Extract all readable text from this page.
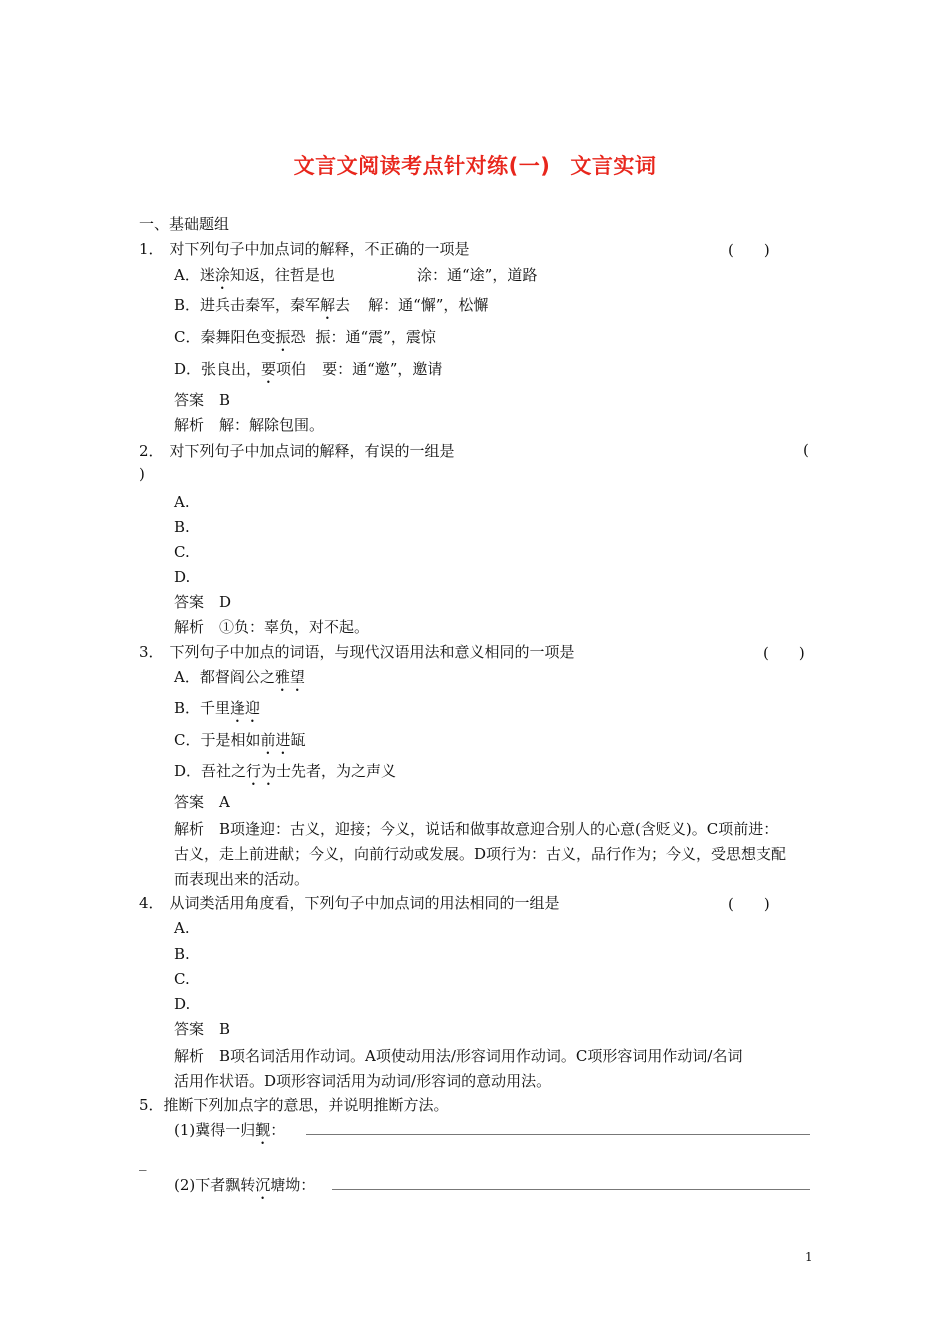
文言文阅读考点针对练(一) 文言实词
一、基础题组
1． 对下列句子中加点词的解释，不正确的一项是	(　　)
A．迷涂知返，往哲是也	涂：通“途”，道路
B．进兵击秦军，秦军解去 解：通“懈”，松懈
C．秦舞阳色变振恐 振：通“震”，震惊
D．张良出，要项伯 要：通“邀”，邀请
答案　B
解析　解：解除包围。
2． 对下列句子中加点词的解释，有误的一组是	(
)
A.
B.
C.
D.
答案　D
解析　①负：辜负，对不起。
3． 下列句子中加点的词语，与现代汉语用法和意义相同的一项是	(　　)
A．都督阎公之雅望
B．千里逢迎
C．于是相如前进缻
D．吾社之行为士先者，为之声义
答案　A
解析　B项逢迎：古义，迎接；今义，说话和做事故意迎合别人的心意(含贬义)。C项前进：
古义，走上前进献；今义，向前行动或发展。D项行为：古义，品行作为；今义，受思想支配
而表现出来的活动。
4． 从词类活用角度看，下列句子中加点词的用法相同的一组是	(　　)
A.
B.
C.
D.
答案　B
解析　B项名词活用作动词。A项使动用法/形容词用作动词。C项形容词用作动词/名词
活用作状语。D项形容词活用为动词/形容词的意动用法。
5．推断下列加点字的意思，并说明推断方法。
(1)冀得一归觐：
_
(2)下者飘转沉塘坳：
1
